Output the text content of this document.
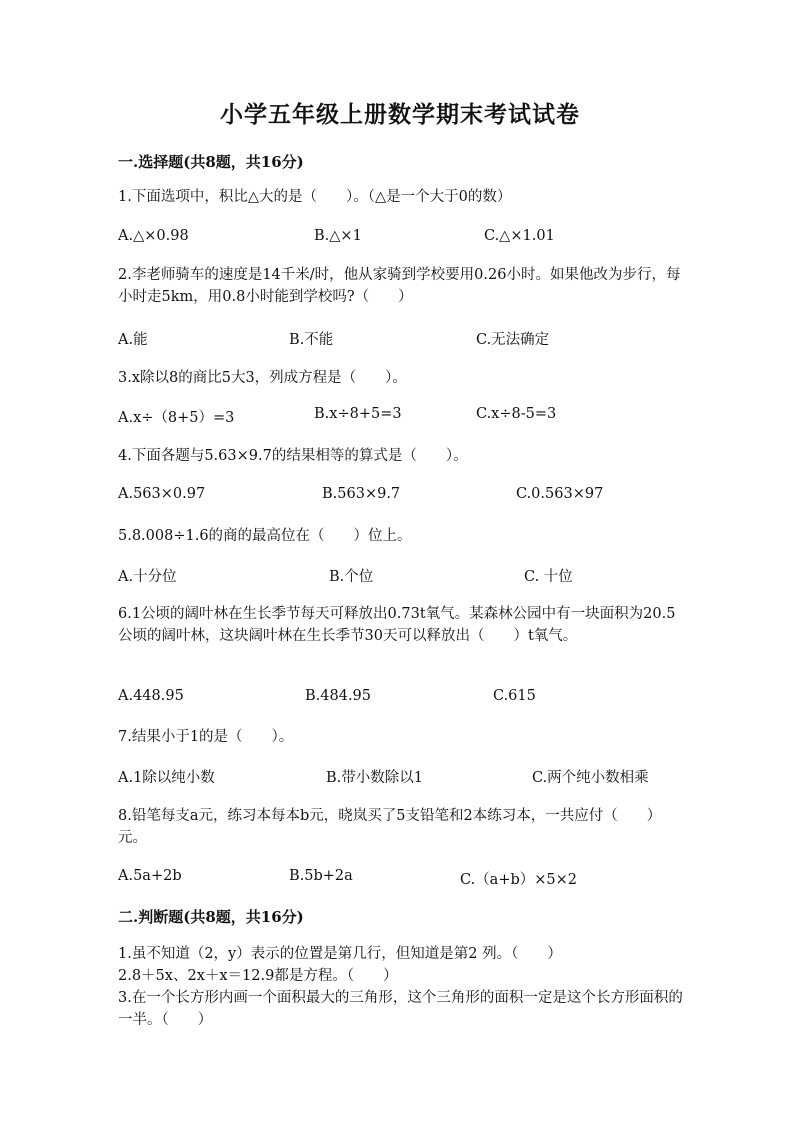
小学五年级上册数学期末考试试卷
一.选择题(共8题，共16分)
1.下面选项中，积比△大的是（　　）。（△是一个大于0的数）
A.△×0.98	B.△×1	C.△×1.01
2.李老师骑车的速度是14千米/时，他从家骑到学校要用0.26小时。如果他改为步行，每小时走5km，用0.8小时能到学校吗?（　　）
A.能	B.不能	C.无法确定
3.x除以8的商比5大3，列成方程是（　　）。
A.x÷（8+5）=3	B.x÷8+5=3	C.x÷8-5=3
4.下面各题与5.63×9.7的结果相等的算式是（　　）。
A.563×0.97	B.563×9.7	C.0.563×97
5.8.008÷1.6的商的最高位在（　　）位上。
A.十分位	B.个位	C. 十位
6.1公顷的阔叶林在生长季节每天可释放出0.73t氧气。某森林公园中有一块面积为20.5公顷的阔叶林，这块阔叶林在生长季节30天可以释放出（　　）t氧气。
A.448.95	B.484.95	C.615
7.结果小于1的是（　　）。
A.1除以纯小数	B.带小数除以1	C.两个纯小数相乘
8.铅笔每支a元，练习本每本b元，晓岚买了5支铅笔和2本练习本，一共应付（　　）元。
A.5a+2b	B.5b+2a	C.（a+b）×5×2
二.判断题(共8题，共16分)
1.虽不知道（2，y）表示的位置是第几行，但知道是第2 列。（　　）
2.8＋5x、2x＋x＝12.9都是方程。（　　）
3.在一个长方形内画一个面积最大的三角形，这个三角形的面积一定是这个长方形面积的一半。（　　）
